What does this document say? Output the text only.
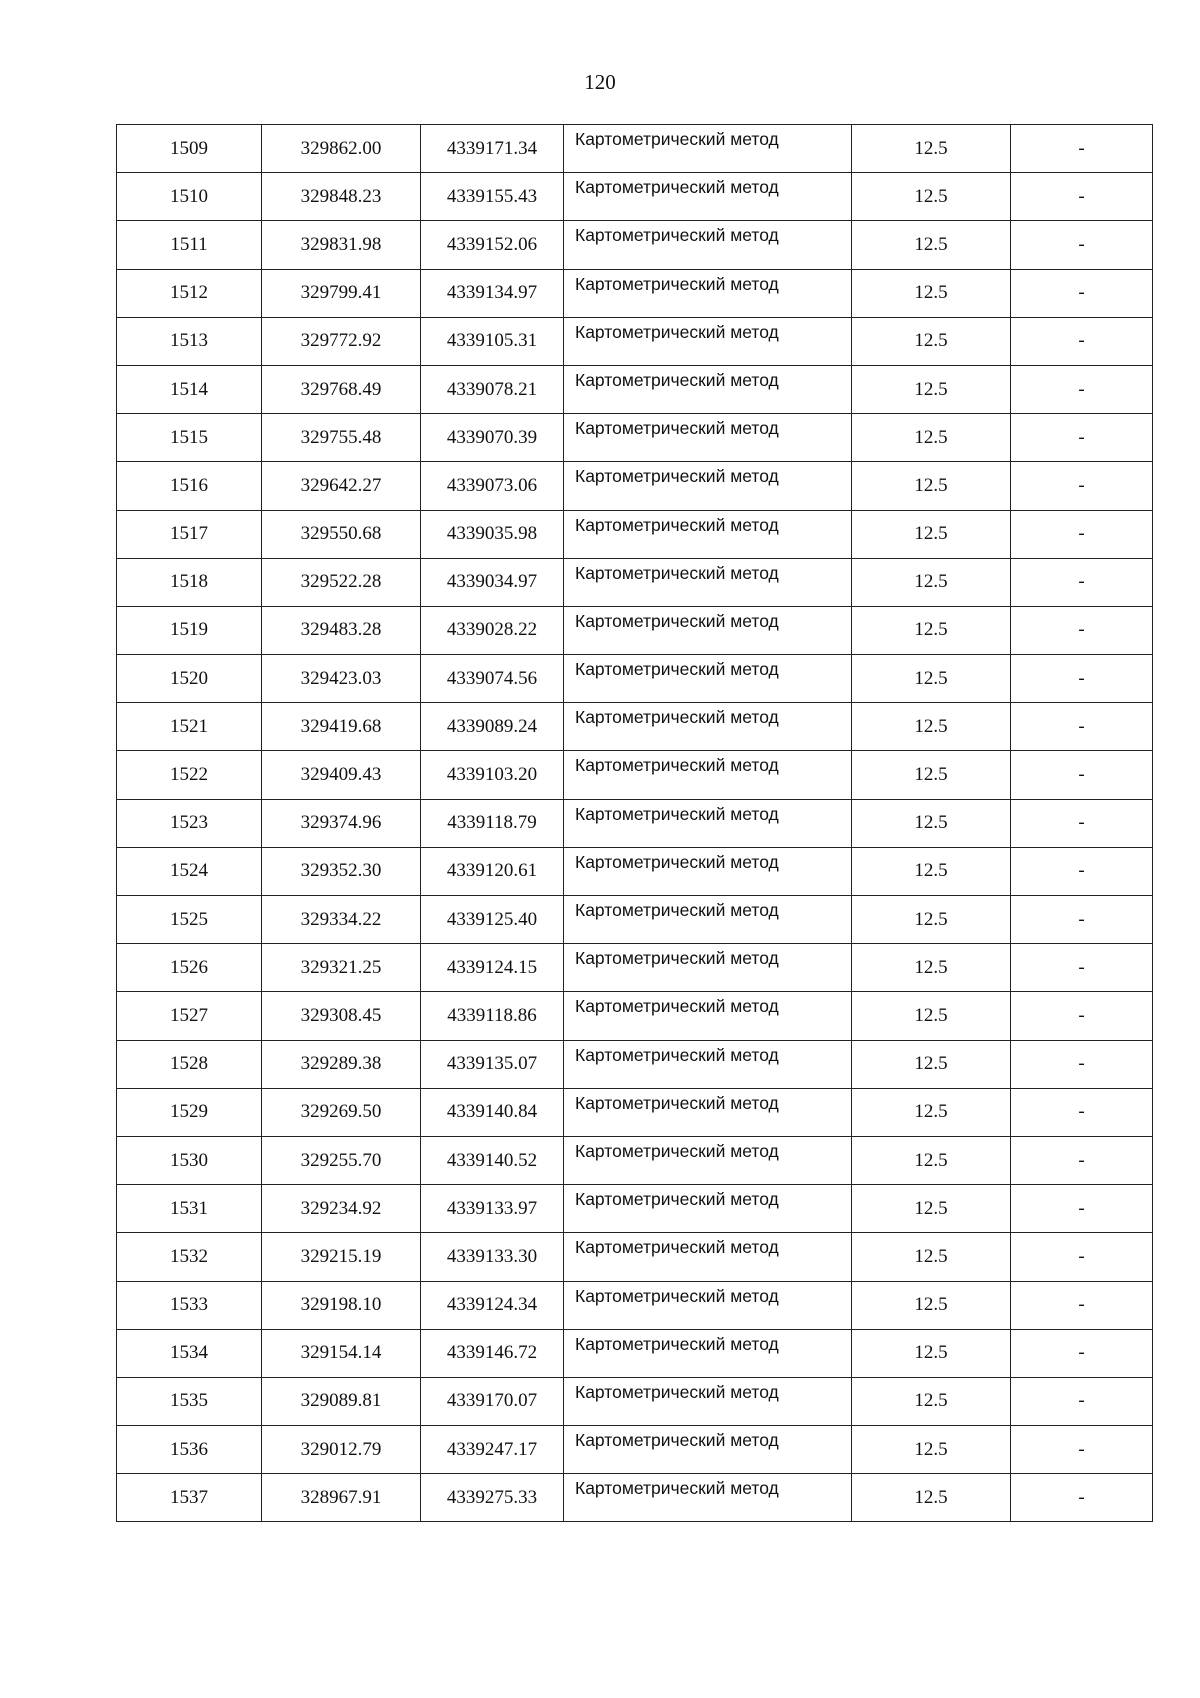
120
1509	329862.00	4339171.34	Картометрический метод	12.5	-
1510	329848.23	4339155.43	Картометрический метод	12.5	-
1511	329831.98	4339152.06	Картометрический метод	12.5	-
1512	329799.41	4339134.97	Картометрический метод	12.5	-
1513	329772.92	4339105.31	Картометрический метод	12.5	-
1514	329768.49	4339078.21	Картометрический метод	12.5	-
1515	329755.48	4339070.39	Картометрический метод	12.5	-
1516	329642.27	4339073.06	Картометрический метод	12.5	-
1517	329550.68	4339035.98	Картометрический метод	12.5	-
1518	329522.28	4339034.97	Картометрический метод	12.5	-
1519	329483.28	4339028.22	Картометрический метод	12.5	-
1520	329423.03	4339074.56	Картометрический метод	12.5	-
1521	329419.68	4339089.24	Картометрический метод	12.5	-
1522	329409.43	4339103.20	Картометрический метод	12.5	-
1523	329374.96	4339118.79	Картометрический метод	12.5	-
1524	329352.30	4339120.61	Картометрический метод	12.5	-
1525	329334.22	4339125.40	Картометрический метод	12.5	-
1526	329321.25	4339124.15	Картометрический метод	12.5	-
1527	329308.45	4339118.86	Картометрический метод	12.5	-
1528	329289.38	4339135.07	Картометрический метод	12.5	-
1529	329269.50	4339140.84	Картометрический метод	12.5	-
1530	329255.70	4339140.52	Картометрический метод	12.5	-
1531	329234.92	4339133.97	Картометрический метод	12.5	-
1532	329215.19	4339133.30	Картометрический метод	12.5	-
1533	329198.10	4339124.34	Картометрический метод	12.5	-
1534	329154.14	4339146.72	Картометрический метод	12.5	-
1535	329089.81	4339170.07	Картометрический метод	12.5	-
1536	329012.79	4339247.17	Картометрический метод	12.5	-
1537	328967.91	4339275.33	Картометрический метод	12.5	-
